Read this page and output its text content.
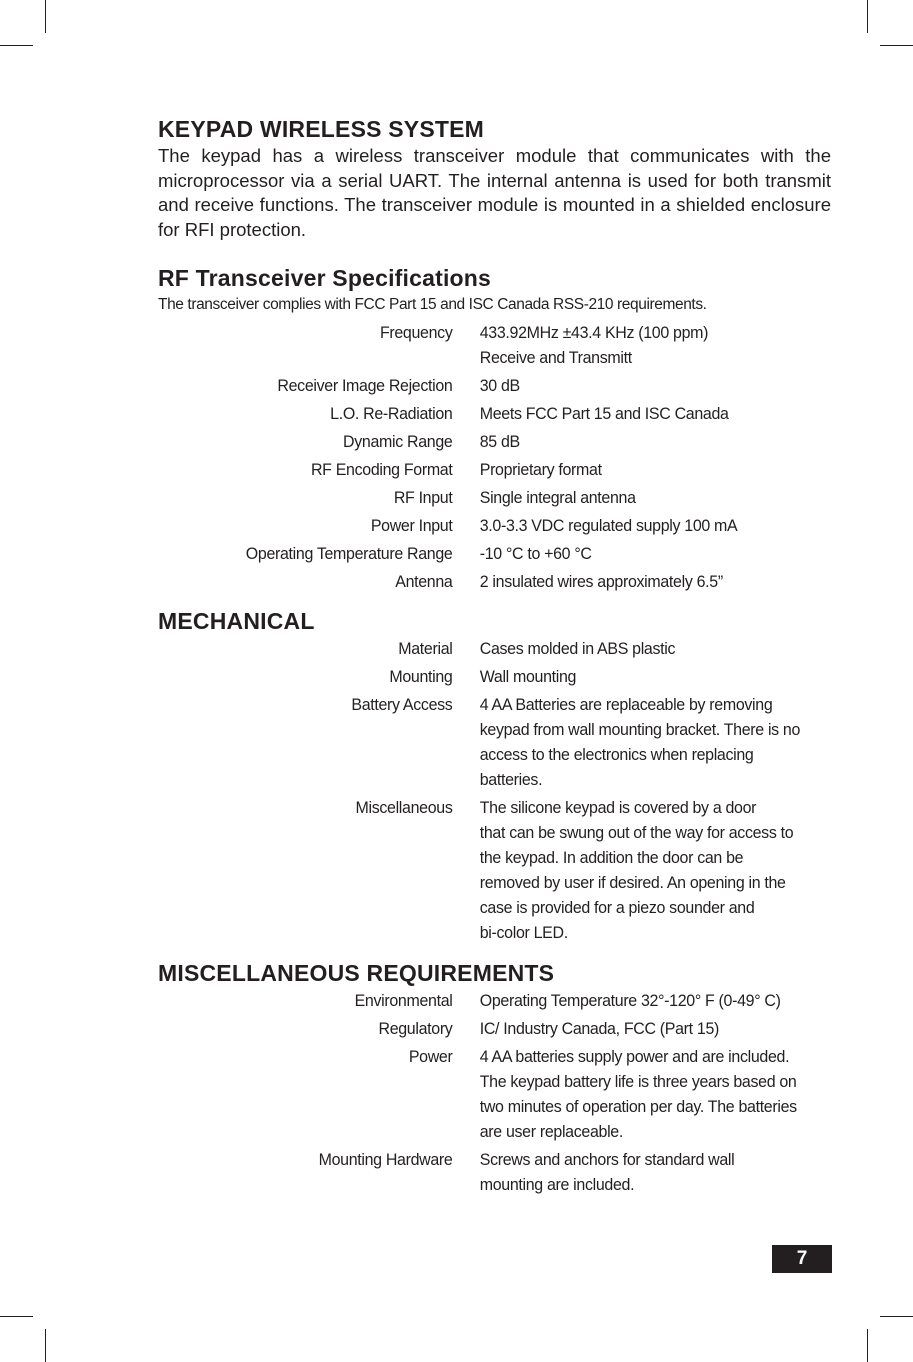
KEYPAD WIRELESS SYSTEM

The keypad has a wireless transceiver module that communicates with the microprocessor via a serial UART. The internal antenna is used for both transmit and receive functions. The transceiver module is mounted in a shielded enclosure for RFI protection.

RF Transceiver Specifications

The transceiver complies with FCC Part 15 and ISC Canada RSS-210 requirements.

Frequency 433.92MHz ±43.4 KHz (100 ppm)
Receive and Transmitt
Receiver Image Rejection 30 dB
L.O. Re-Radiation Meets FCC Part 15 and ISC Canada
Dynamic Range 85 dB
RF Encoding Format Proprietary format
RF Input Single integral antenna
Power Input 3.0-3.3 VDC regulated supply 100 mA
Operating Temperature Range -10 °C to +60 °C
Antenna 2 insulated wires approximately 6.5”
MECHANICAL
Material Cases molded in ABS plastic
Mounting Wall mounting
Battery Access 4 AA Batteries are replaceable by removing
keypad from wall mounting bracket. There is no
access to the electronics when replacing
batteries.
Miscellaneous The silicone keypad is covered by a door
that can be swung out of the way for access to
the keypad. In addition the door can be
removed by user if desired. An opening in the
case is provided for a piezo sounder and
bi-color LED.
MISCELLANEOUS REQUIREMENTS
Environmental Operating Temperature 32°-120° F (0-49° C)
Regulatory IC/ Industry Canada, FCC (Part 15)
Power 4 AA batteries supply power and are included.
The keypad battery life is three years based on
two minutes of operation per day. The batteries
are user replaceable.
Mounting Hardware Screws and anchors for standard wall
mounting are included.
7
